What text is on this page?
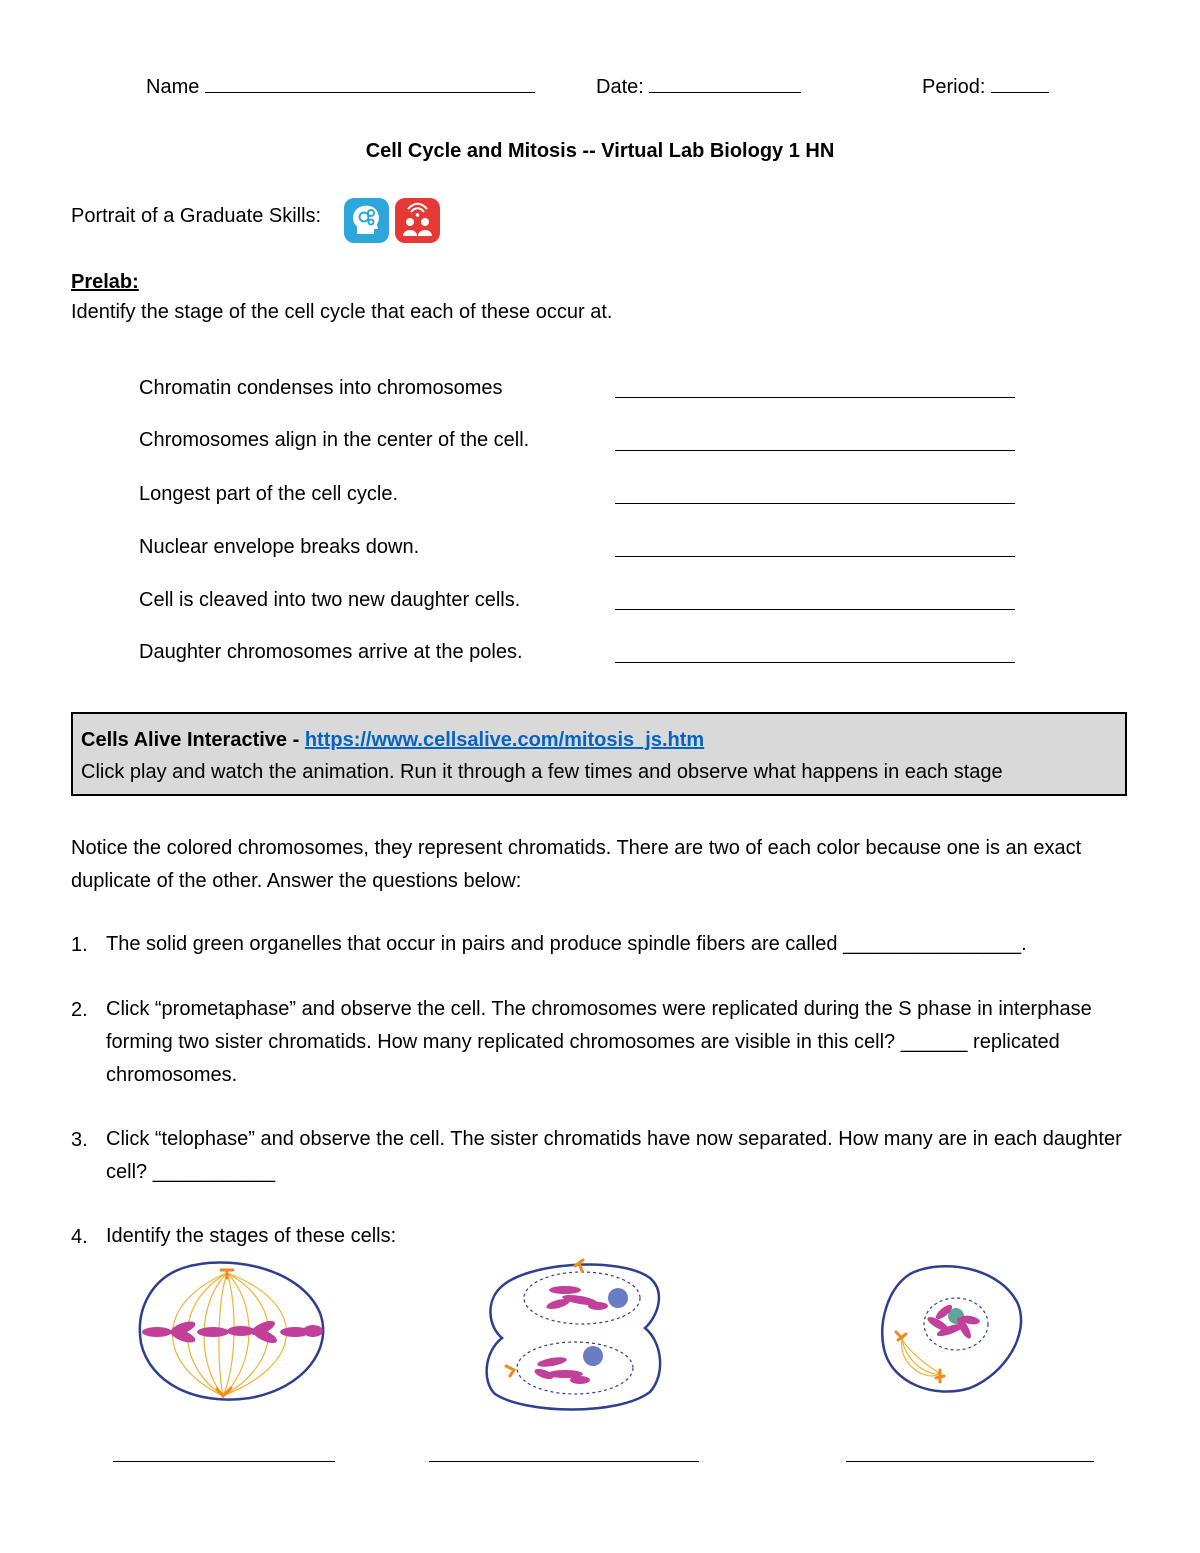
Name	Date:	Period:
Cell Cycle and Mitosis -- Virtual Lab Biology 1 HN
Portrait of a Graduate Skills:
Prelab:
Identify the stage of the cell cycle that each of these occur at.
Chromatin condenses into chromosomes
Chromosomes align in the center of the cell.
Longest part of the cell cycle.
Nuclear envelope breaks down.
Cell is cleaved into two new daughter cells.
Daughter chromosomes arrive at the poles.
Cells Alive Interactive - https://www.cellsalive.com/mitosis_js.htm
Click play and watch the animation. Run it through a few times and observe what happens in each stage
Notice the colored chromosomes, they represent chromatids. There are two of each color because one is an exact duplicate of the other. Answer the questions below:
1. The solid green organelles that occur in pairs and produce spindle fibers are called ________________.
2. Click “prometaphase” and observe the cell. The chromosomes were replicated during the S phase in interphase forming two sister chromatids. How many replicated chromosomes are visible in this cell? ______ replicated chromosomes.
3. Click “telophase” and observe the cell. The sister chromatids have now separated. How many are in each daughter cell? ___________
4. Identify the stages of these cells:
